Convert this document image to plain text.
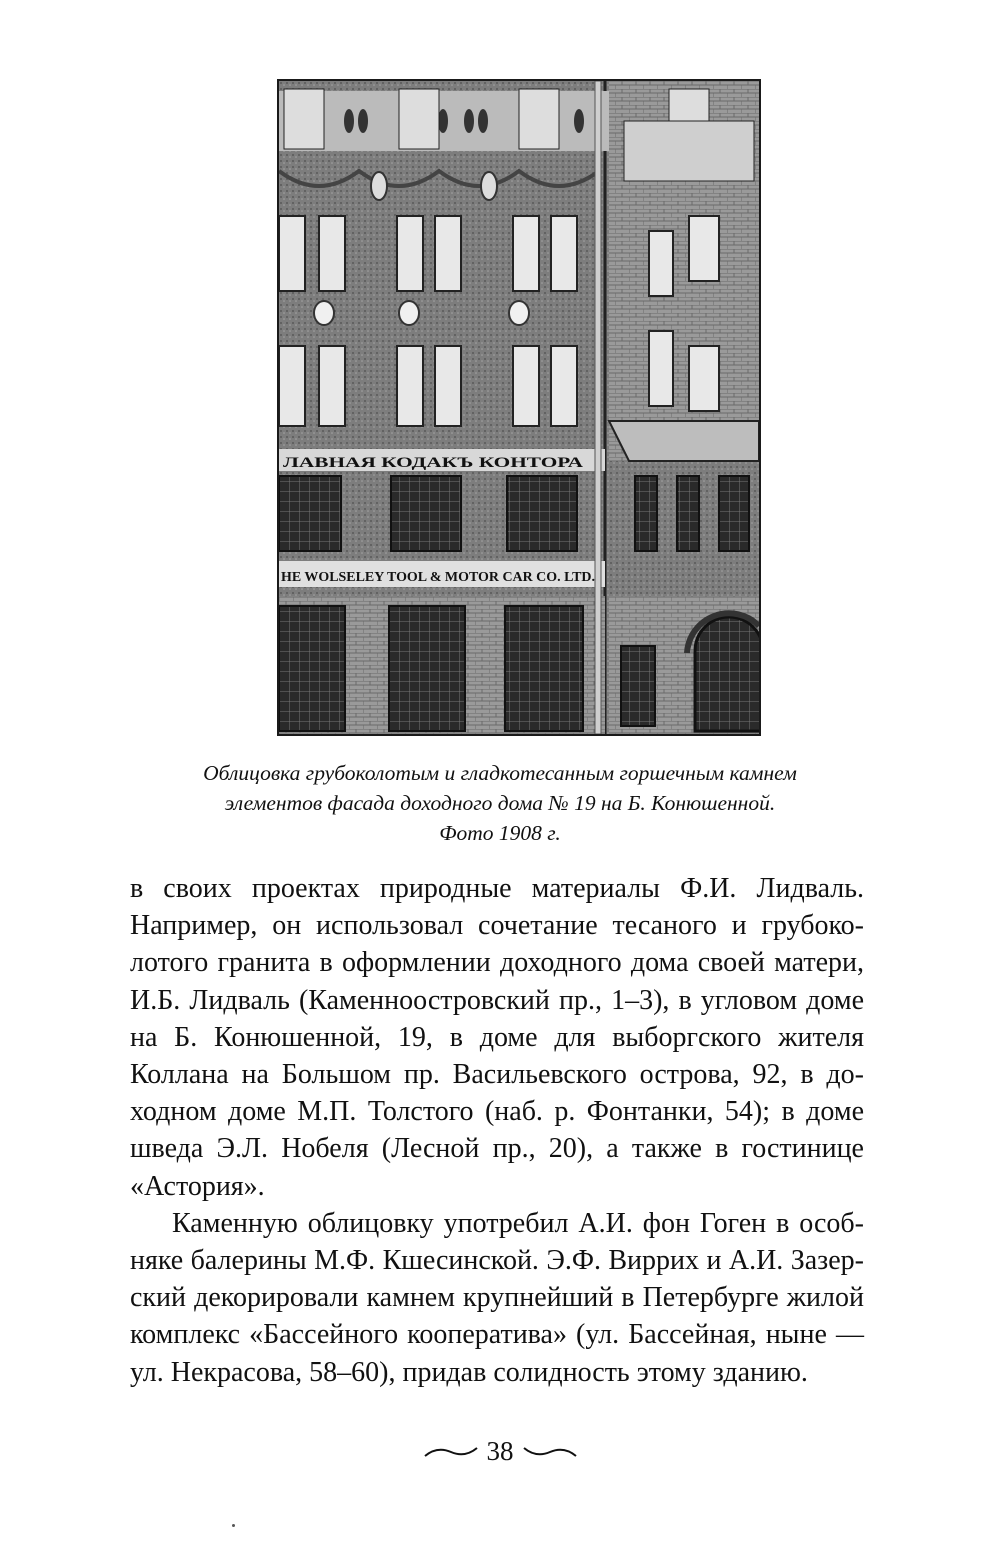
ЛАВНАЯ КОДАКЪ КОНТОРА
HE WOLSELEY TOOL & MOTOR CAR CO. LTD.
Облицовка грубоколотым и гладкотесанным горшечным камнем
элементов фасада доходного дома № 19 на Б. Конюшенной.
Фото 1908 г.

в своих проектах природные материалы Ф.И. Лидваль. Например, он использовал сочетание тесаного и грубоколотого гранита в оформлении доходного дома своей матери, И.Б. Лидваль (Каменноостровский пр., 1–3), в угловом доме на Б. Конюшенной, 19, в доме для выборгского жителя Коллана на Большом пр. Васильевского острова, 92, в доходном доме М.П. Толстого (наб. р. Фонтанки, 54); в доме шведа Э.Л. Нобеля (Лесной пр., 20), а также в гостинице «Астория».

Каменную облицовку употребил А.И. фон Гоген в особняке балерины М.Ф. Кшесинской. Э.Ф. Виррих и А.И. Зазерский декорировали камнем крупнейший в Петербурге жилой комплекс «Бассейного кооператива» (ул. Бассейная, ныне — ул. Некрасова, 58–60), придав солидность этому зданию.

38
